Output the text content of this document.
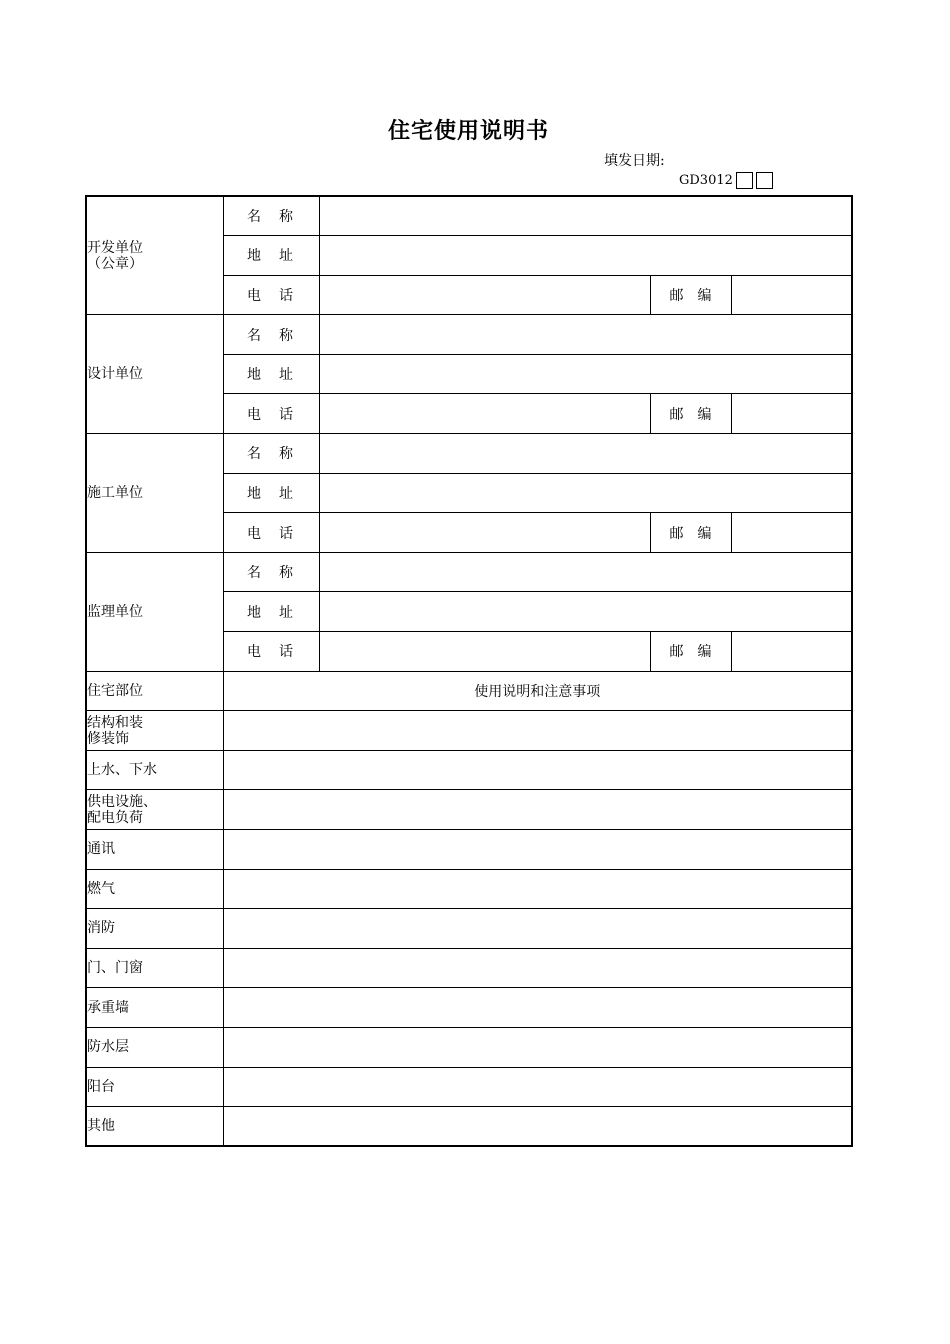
住宅使用说明书
填发日期:
GD3012
开发单位
（公章）	名　称			
	地　址			
	电　话		邮　编	

设计单位	名　称			
	地　址			
	电　话		邮　编	

施工单位	名　称			
	地　址			
	电　话		邮　编	

监理单位	名　称			
	地　址			
	电　话		邮　编	
住宅部位	使用说明和注意事项			

结构和装
修装饰				

上水、下水				

供电设施、
配电负荷				

通讯				

燃气				

消防				

门、门窗				

承重墙				

防水层				

阳台				

其他				
